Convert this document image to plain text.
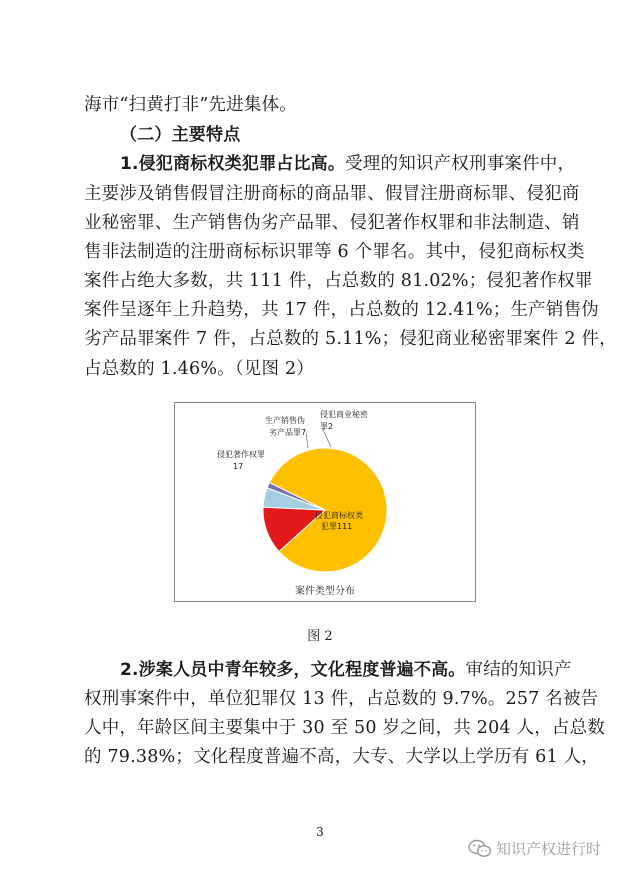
海市“扫黄打非”先进集体。
（二）主要特点
1.侵犯商标权类犯罪占比高。受理的知识产权刑事案件中，
主要涉及销售假冒注册商标的商品罪、假冒注册商标罪、侵犯商
业秘密罪、生产销售伪劣产品罪、侵犯著作权罪和非法制造、销
售非法制造的注册商标标识罪等 6 个罪名。其中，侵犯商标权类
案件占绝大多数，共 111 件，占总数的 81.02%；侵犯著作权罪
案件呈逐年上升趋势，共 17 件，占总数的 12.41%；生产销售伪
劣产品罪案件 7 件，占总数的 5.11%；侵犯商业秘密罪案件 2 件，
占总数的 1.46%。（见图 2）
侵犯商标权类
犯罪111
侵犯著作权罪
17
生产销售伪
劣产品罪7
侵犯商业秘密
罪2
案件类型分布
图 2
2.涉案人员中青年较多，文化程度普遍不高。审结的知识产
权刑事案件中，单位犯罪仅 13 件，占总数的 9.7%。257 名被告
人中，年龄区间主要集中于 30 至 50 岁之间，共 204 人，占总数
的 79.38%；文化程度普遍不高，大专、大学以上学历有 61 人，
3
知识产权进行时
